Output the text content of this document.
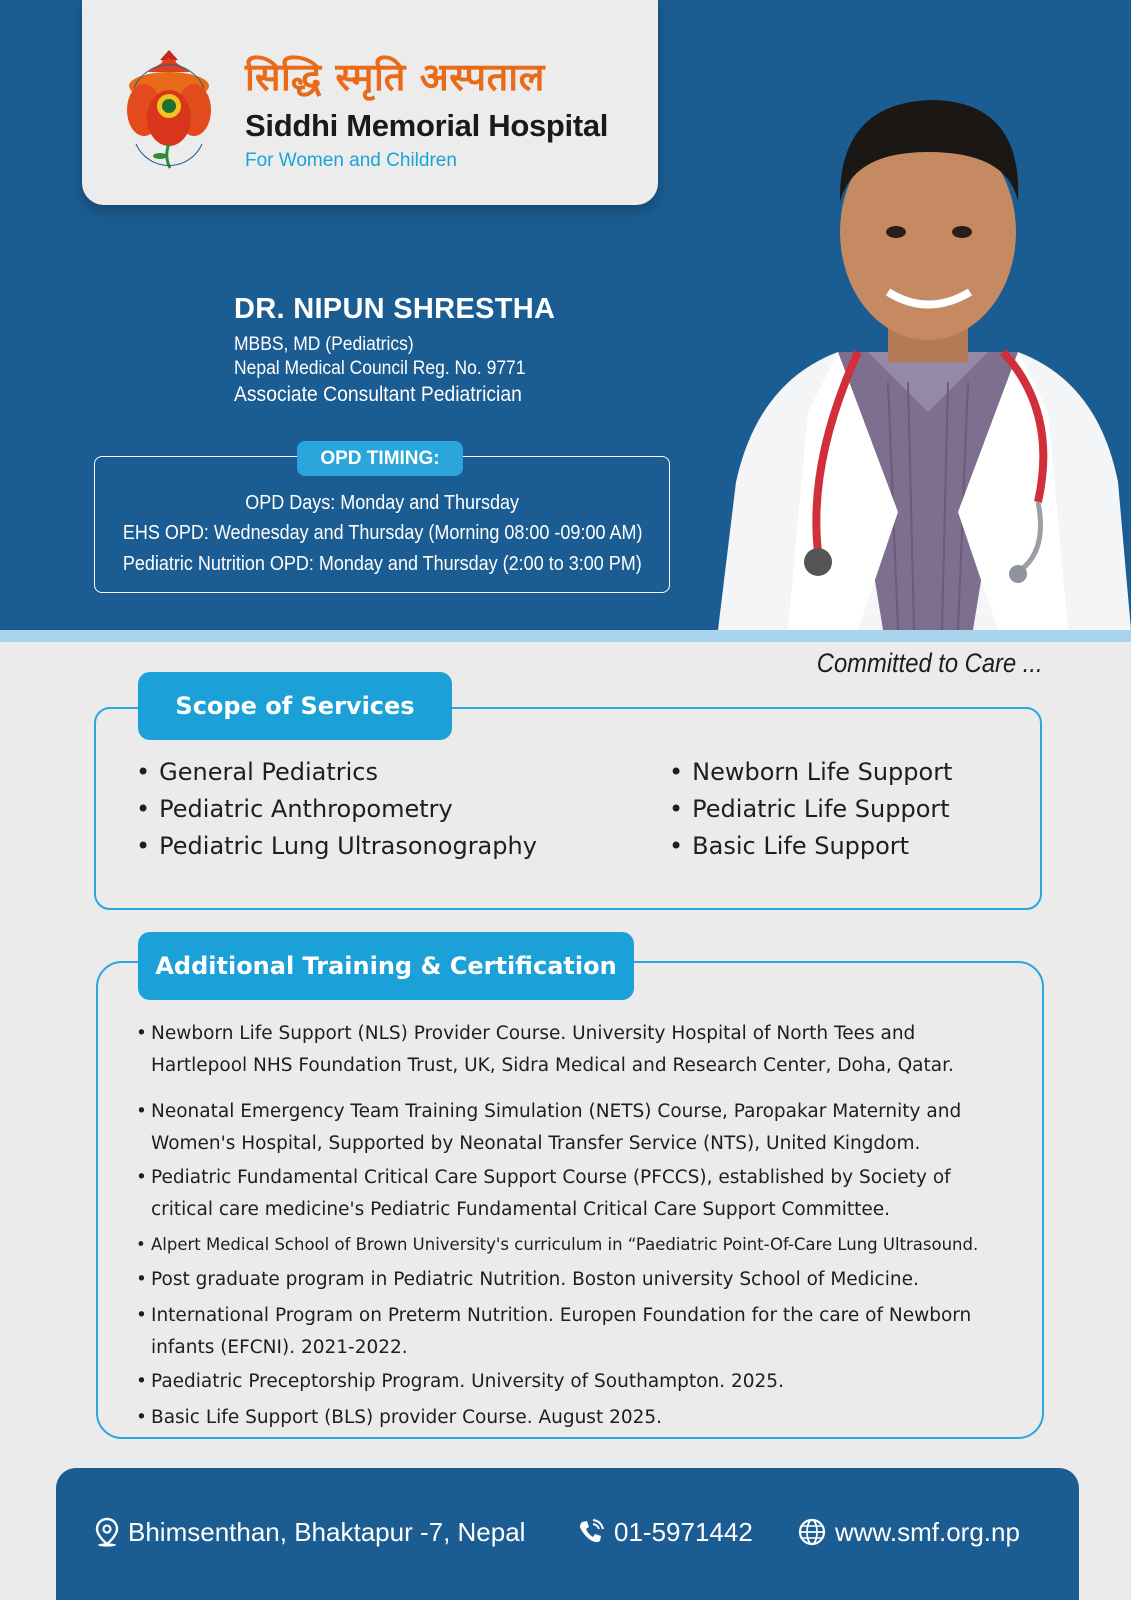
सिद्धि स्मृति अस्पताल
Siddhi Memorial Hospital
For Women and Children
DR. NIPUN SHRESTHA
MBBS, MD (Pediatrics)
Nepal Medical Council Reg. No. 9771
Associate Consultant Pediatrician
OPD TIMING:
OPD Days: Monday and Thursday
EHS OPD: Wednesday and Thursday (Morning 08:00 -09:00 AM)
Pediatric Nutrition OPD: Monday and Thursday (2:00 to 3:00 PM)
Committed to Care ...
Scope of Services
• General Pediatrics
• Pediatric Anthropometry
• Pediatric Lung Ultrasonography
• Newborn Life Support
• Pediatric Life Support
• Basic Life Support
Additional Training & Certification
• Newborn Life Support (NLS) Provider Course. University Hospital of North Tees and Hartlepool NHS Foundation Trust, UK, Sidra Medical and Research Center, Doha, Qatar.
• Neonatal Emergency Team Training Simulation (NETS) Course, Paropakar Maternity and Women's Hospital, Supported by Neonatal Transfer Service (NTS), United Kingdom.
• Pediatric Fundamental Critical Care Support Course (PFCCS), established by Society of critical care medicine's Pediatric Fundamental Critical Care Support Committee.
• Alpert Medical School of Brown University's curriculum in “Paediatric Point-Of-Care Lung Ultrasound.
• Post graduate program in Pediatric Nutrition. Boston university School of Medicine.
• International Program on Preterm Nutrition. Europen Foundation for the care of Newborn infants (EFCNI). 2021-2022.
• Paediatric Preceptorship Program. University of Southampton. 2025.
• Basic Life Support (BLS) provider Course. August 2025.
Bhimsenthan, Bhaktapur -7, Nepal	01-5971442	www.smf.org.np
